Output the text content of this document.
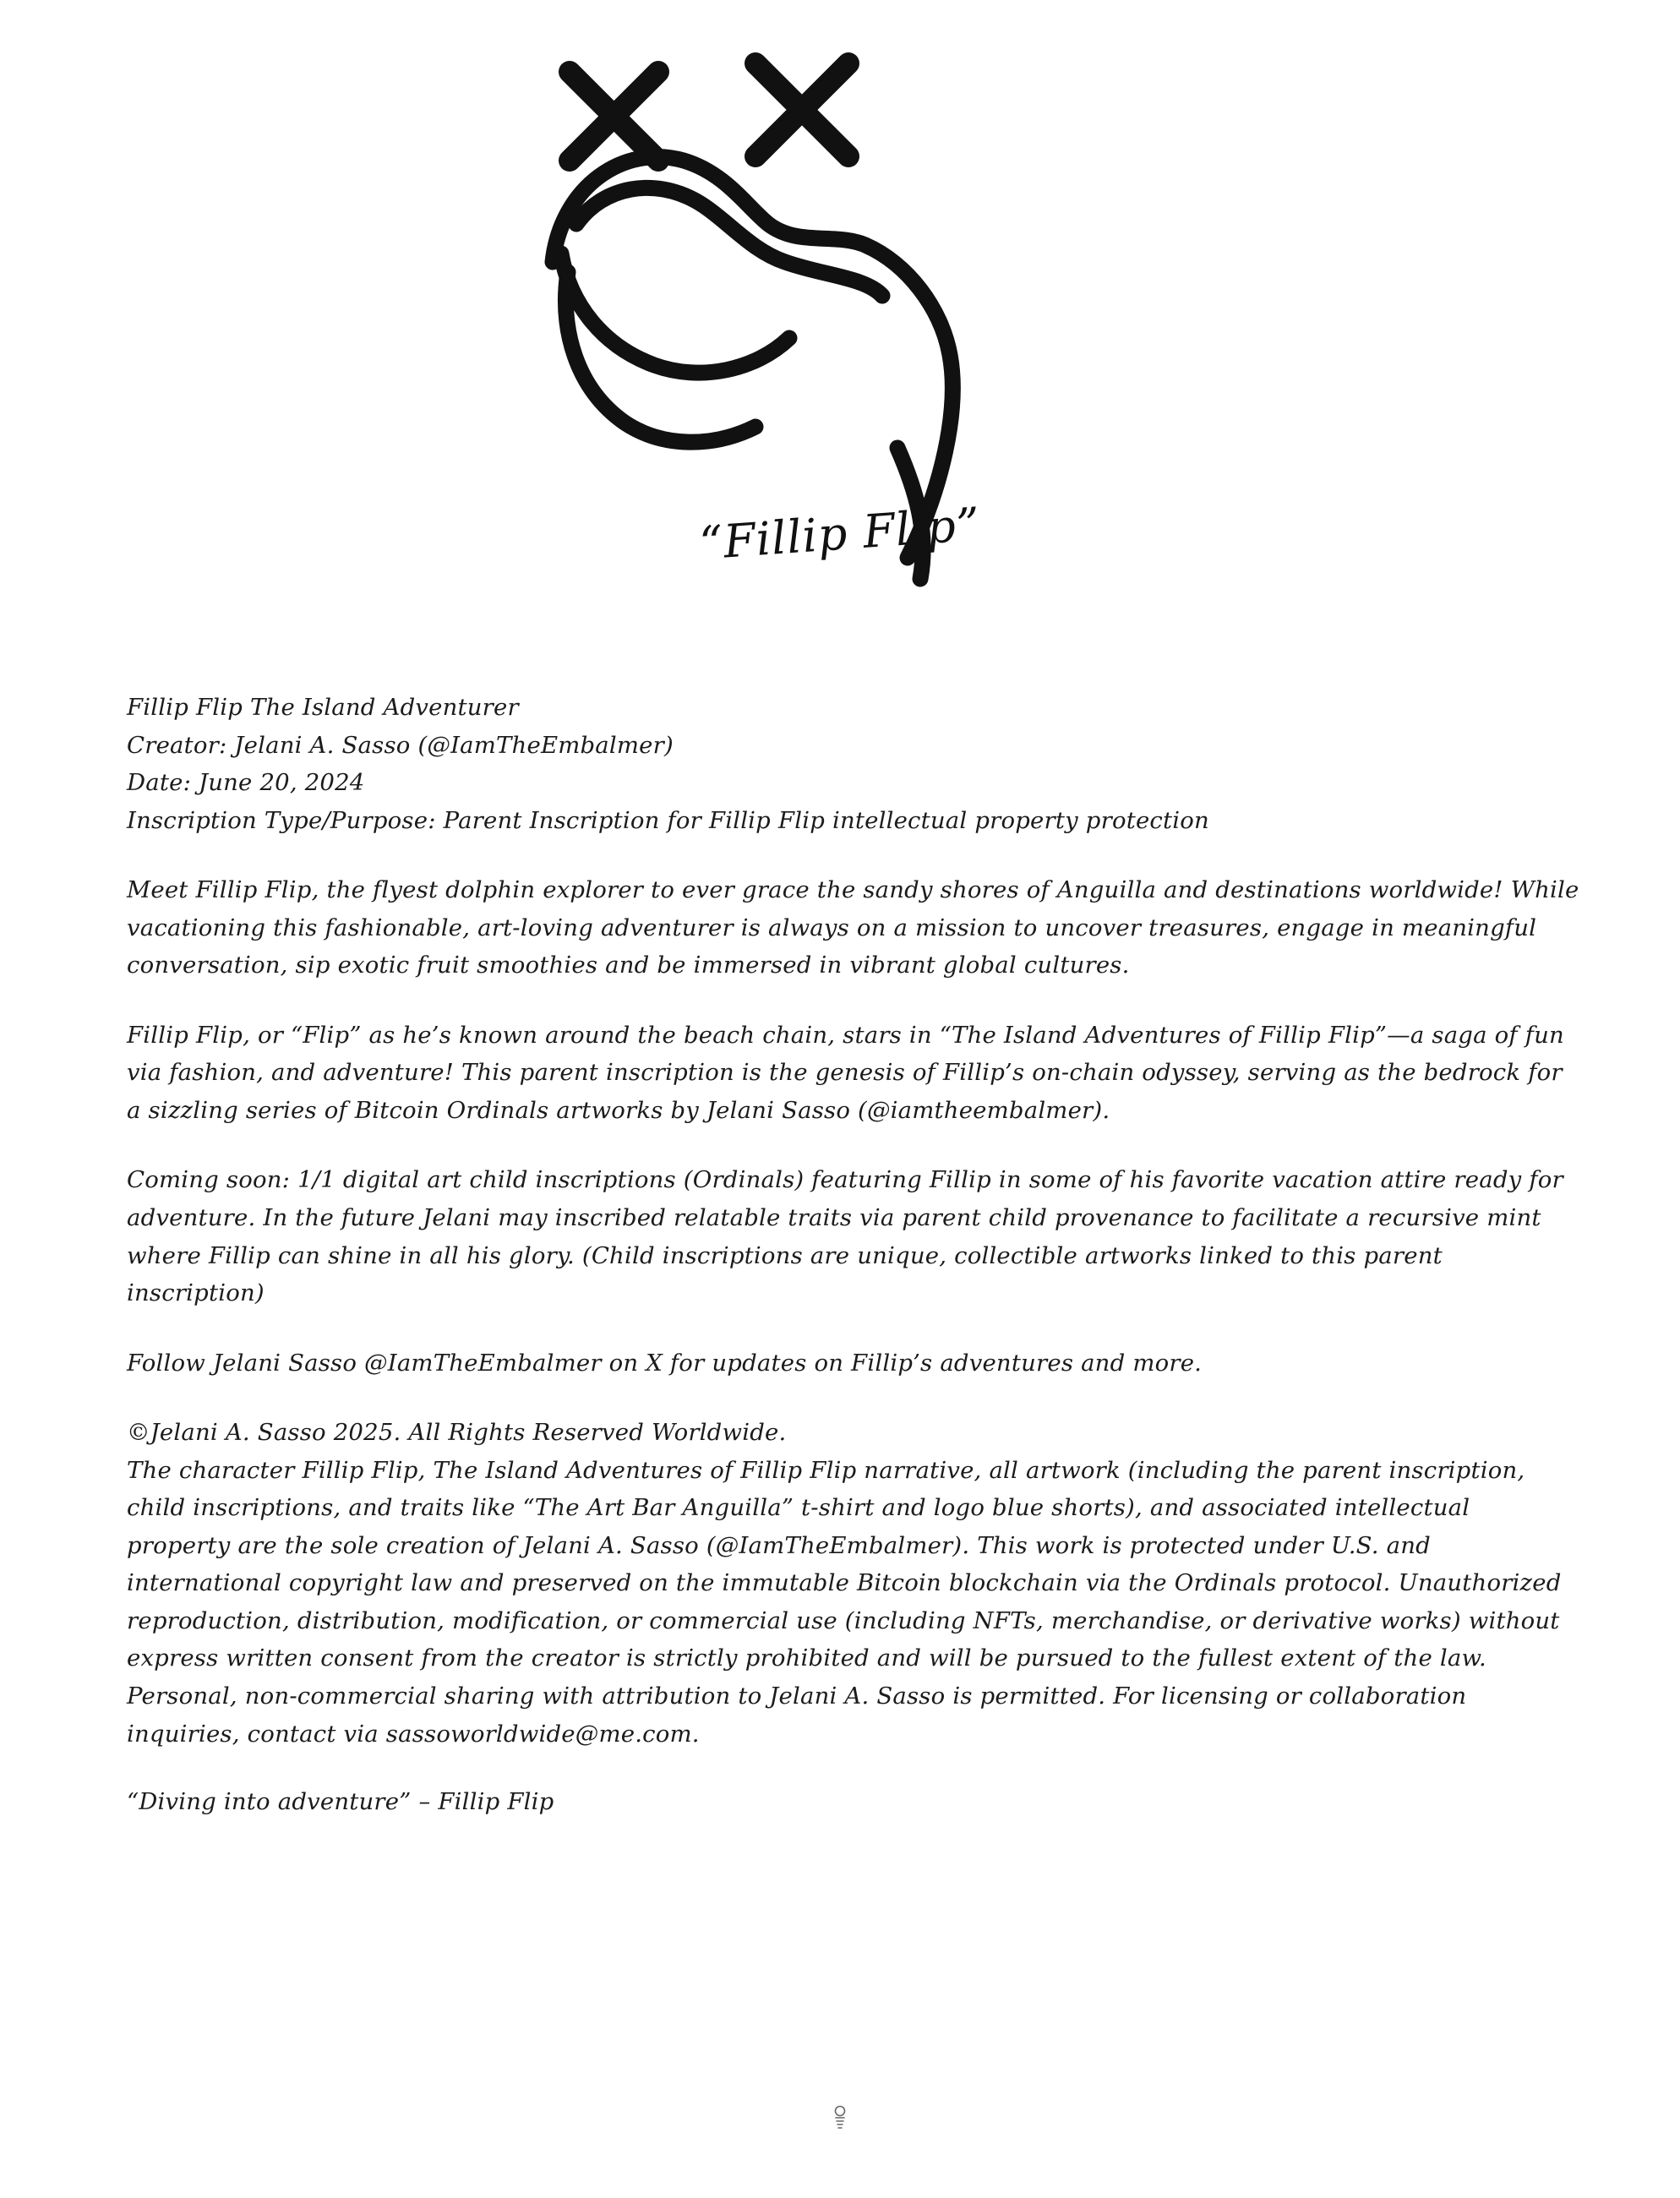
“Fillip Flip”

Fillip Flip The Island Adventurer

Creator: Jelani A. Sasso (@IamTheEmbalmer)

Date: June 20, 2024

Inscription Type/Purpose: Parent Inscription for Fillip Flip intellectual property protection

Meet Fillip Flip, the flyest dolphin explorer to ever grace the sandy shores of Anguilla and destinations worldwide! While vacationing this fashionable, art-loving adventurer is always on a mission to uncover treasures, engage in meaningful conversation, sip exotic fruit smoothies and be immersed in vibrant global cultures.

Fillip Flip, or “Flip” as he’s known around the beach chain, stars in “The Island Adventures of Fillip Flip”—a saga of fun via fashion, and adventure! This parent inscription is the genesis of Fillip’s on-chain odyssey, serving as the bedrock for a sizzling series of Bitcoin Ordinals artworks by Jelani Sasso (@iamtheembalmer).

Coming soon: 1/1 digital art child inscriptions (Ordinals) featuring Fillip in some of his favorite vacation attire ready for adventure. In the future Jelani may inscribed relatable traits via parent child provenance to facilitate a recursive mint where Fillip can shine in all his glory. (Child inscriptions are unique, collectible artworks linked to this parent inscription)

Follow Jelani Sasso @IamTheEmbalmer on X for updates on Fillip’s adventures and more.

©Jelani A. Sasso 2025. All Rights Reserved Worldwide.

The character Fillip Flip, The Island Adventures of Fillip Flip narrative, all artwork (including the parent inscription, child inscriptions, and traits like “The Art Bar Anguilla” t-shirt and logo blue shorts), and associated intellectual property are the sole creation of Jelani A. Sasso (@IamTheEmbalmer). This work is protected under U.S. and international copyright law and preserved on the immutable Bitcoin blockchain via the Ordinals protocol. Unauthorized reproduction, distribution, modification, or commercial use (including NFTs, merchandise, or derivative works) without express written consent from the creator is strictly prohibited and will be pursued to the fullest extent of the law. Personal, non-commercial sharing with attribution to Jelani A. Sasso is permitted. For licensing or collaboration inquiries, contact via sassoworldwide@me.com.

“Diving into adventure” – Fillip Flip
